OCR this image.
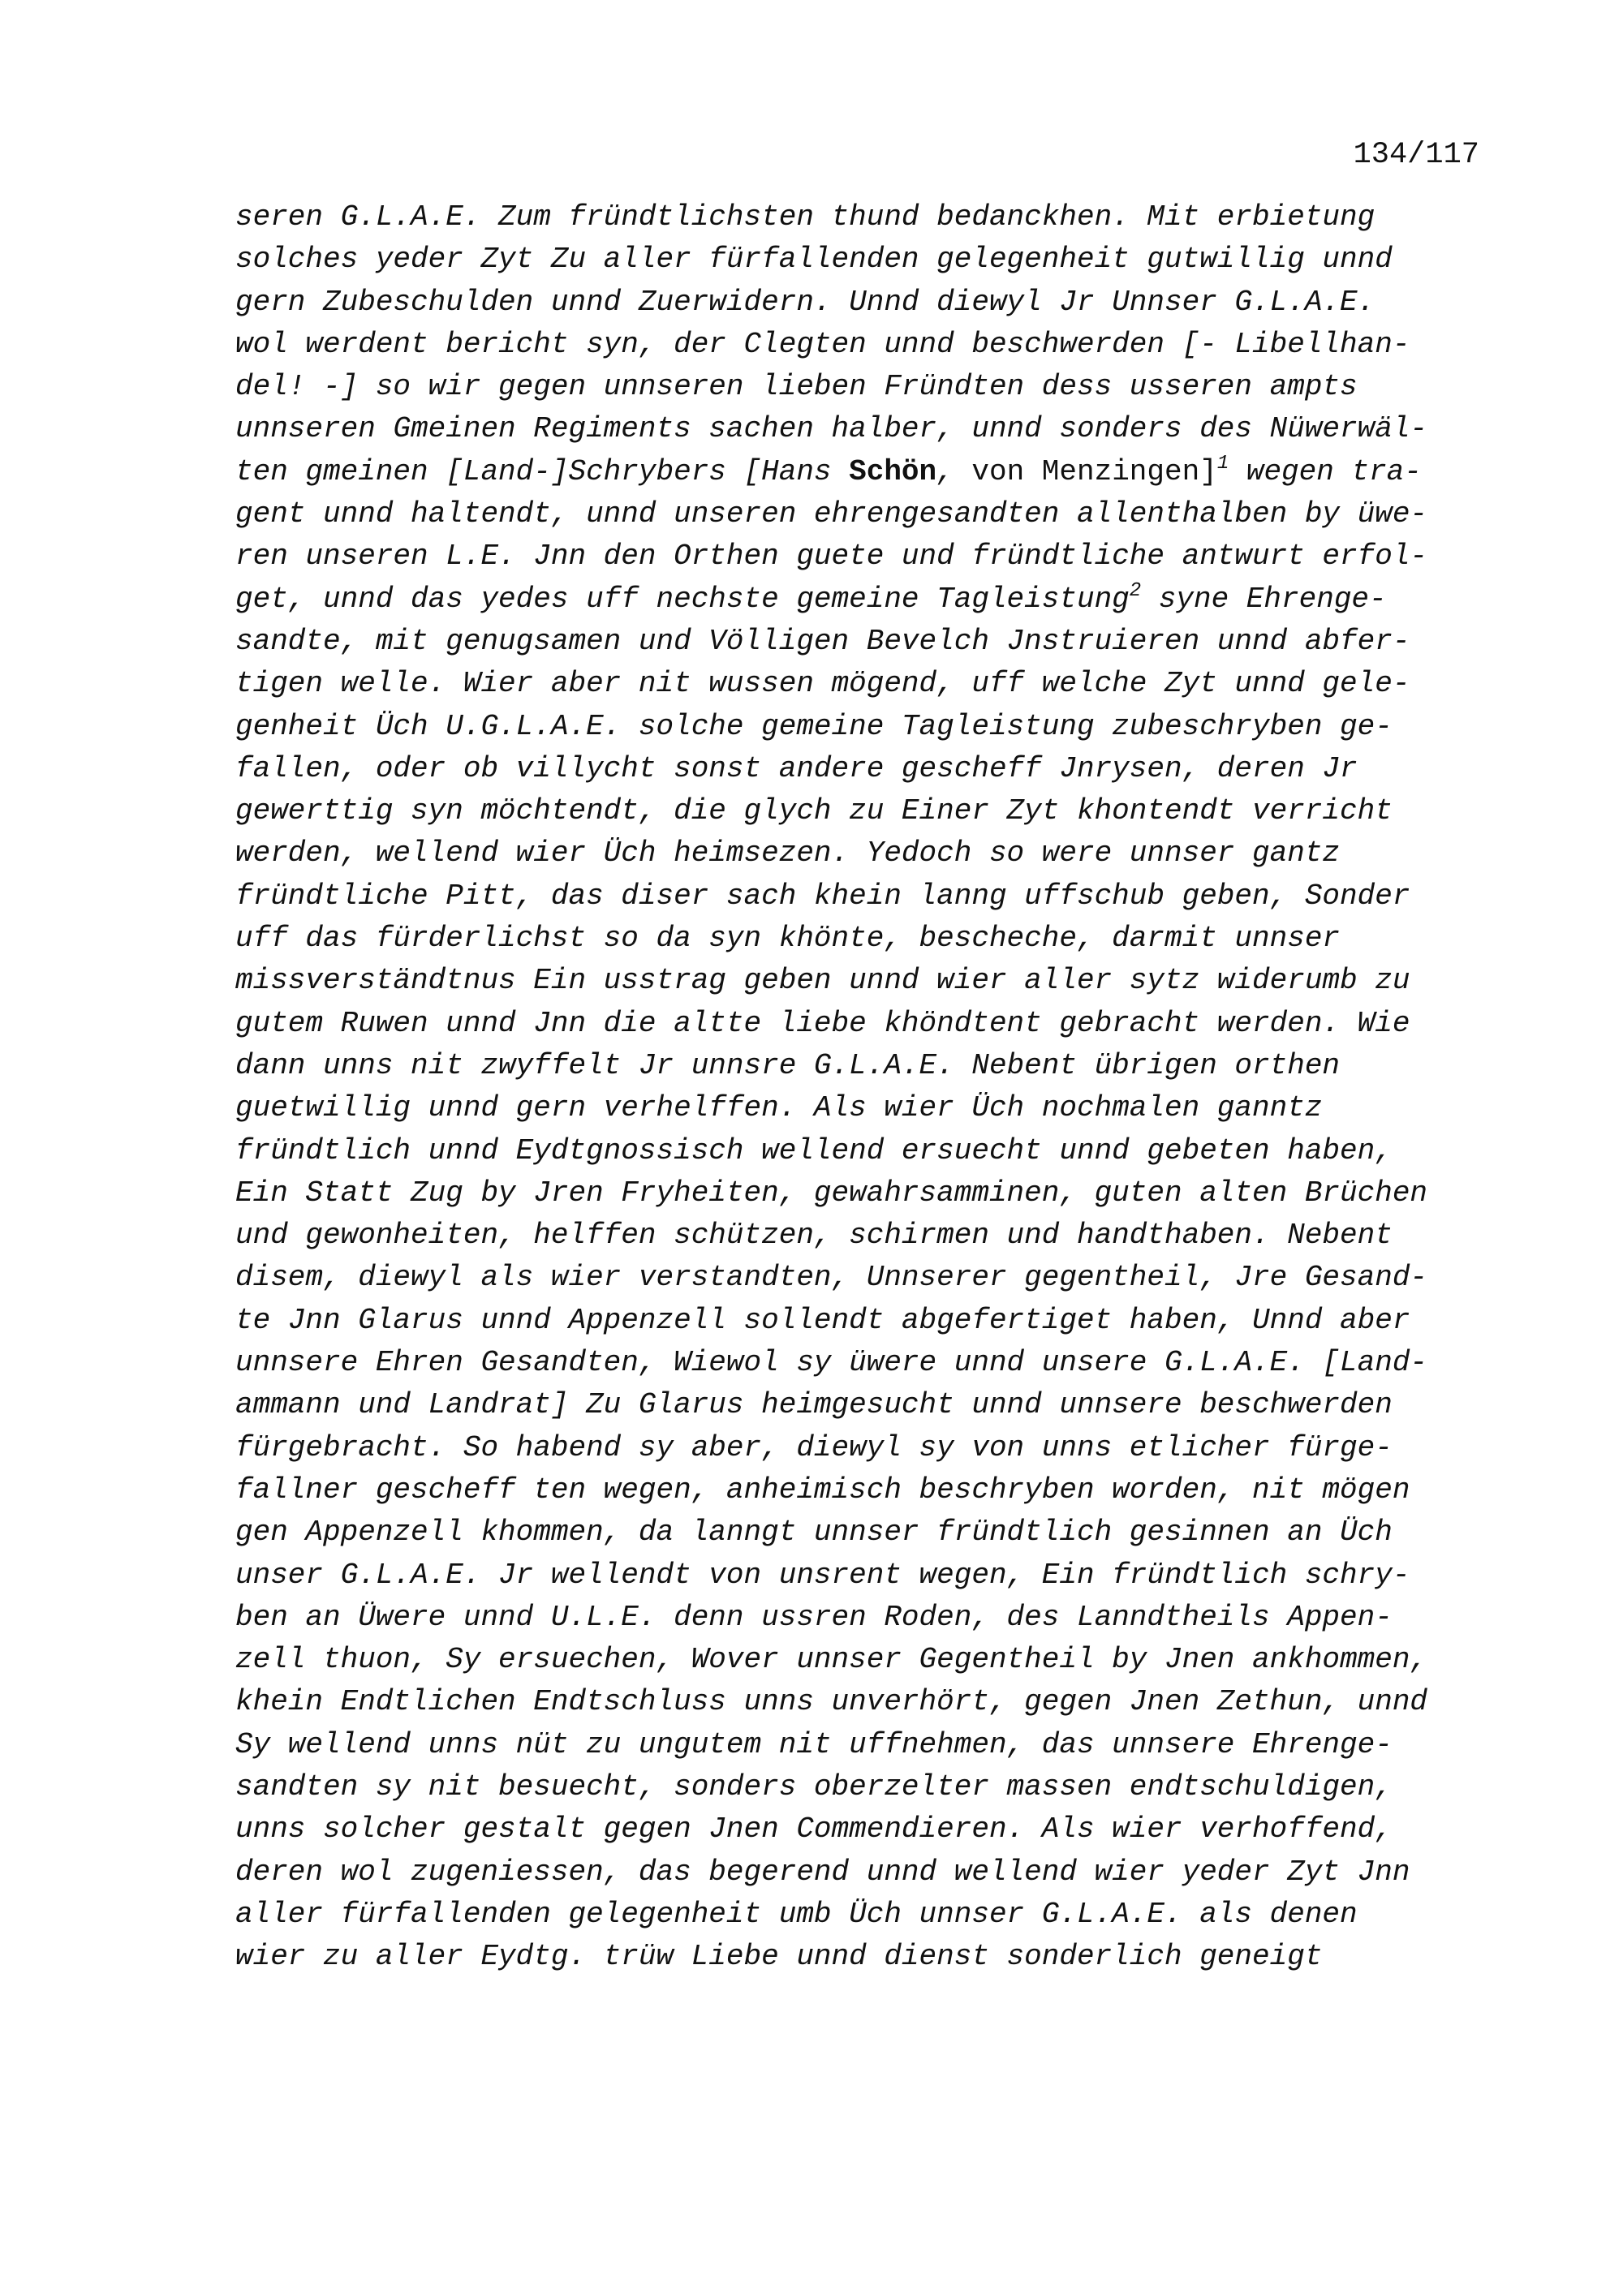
134/117
seren G.L.A.E. Zum fründtlichsten thund bedanckhen. Mit erbietung
solches yeder Zyt Zu aller fürfallenden gelegenheit gutwillig unnd
gern Zubeschulden unnd Zuerwidern. Unnd diewyl Jr Unnser G.L.A.E.
wol werdent bericht syn, der Clegten unnd beschwerden [- Libellhan-
del! -] so wir gegen unnseren lieben Fründten dess usseren ampts
unnseren Gmeinen Regiments sachen halber, unnd sonders des Nüwerwäl-
ten gmeinen [Land-]Schrybers [Hans Schön, von Menzingen]$^1$ wegen tra-
gent unnd haltendt, unnd unseren ehrengesandten allenthalben by üwe-
ren unseren L.E. Jnn den Orthen guete und fründtliche antwurt erfol-
get, unnd das yedes uff nechste gemeine Tagleistung$^2$ syne Ehrenge-
sandte, mit genugsamen und Völligen Bevelch Jnstruieren unnd abfer-
tigen welle. Wier aber nit wussen mögend, uff welche Zyt unnd gele-
genheit Üch U.G.L.A.E. solche gemeine Tagleistung zubeschryben ge-
fallen, oder ob villycht sonst andere gescheff Jnrysen, deren Jr
gewerttig syn möchtendt, die glych zu Einer Zyt khontendt verricht
werden, wellend wier Üch heimsezen. Yedoch so were unnser gantz
fründtliche Pitt, das diser sach khein lanng uffschub geben, Sonder
uff das fürderlichst so da syn khönte, bescheche, darmit unnser
missverständtnus Ein usstrag geben unnd wier aller sytz widerumb zu
gutem Ruwen unnd Jnn die altte liebe khöndtent gebracht werden. Wie
dann unns nit zwyffelt Jr unnsre G.L.A.E. Nebent übrigen orthen
guetwillig unnd gern verhelffen. Als wier Üch nochmalen ganntz
fründtlich unnd Eydtgnossisch wellend ersuecht unnd gebeten haben,
Ein Statt Zug by Jren Fryheiten, gewahrsamminen, guten alten Brüchen
und gewonheiten, helffen schützen, schirmen und handthaben. Nebent
disem, diewyl als wier verstandten, Unnserer gegentheil, Jre Gesand-
te Jnn Glarus unnd Appenzell sollendt abgefertiget haben, Unnd aber
unnsere Ehren Gesandten, Wiewol sy üwere unnd unsere G.L.A.E. [Land-
ammann und Landrat] Zu Glarus heimgesucht unnd unnsere beschwerden
fürgebracht. So habend sy aber, diewyl sy von unns etlicher fürge-
fallner gescheff ten wegen, anheimisch beschryben worden, nit mögen
gen Appenzell khommen, da lanngt unnser fründtlich gesinnen an Üch
unser G.L.A.E. Jr wellendt von unsrent wegen, Ein fründtlich schry-
ben an Üwere unnd U.L.E. denn ussren Roden, des Lanndtheils Appen-
zell thuon, Sy ersuechen, Wover unnser Gegentheil by Jnen ankhommen,
khein Endtlichen Endtschluss unns unverhört, gegen Jnen Zethun, unnd
Sy wellend unns nüt zu ungutem nit uffnehmen, das unnsere Ehrenge-
sandten sy nit besuecht, sonders oberzelter massen endtschuldigen,
unns solcher gestalt gegen Jnen Commendieren. Als wier verhoffend,
deren wol zugeniessen, das begerend unnd wellend wier yeder Zyt Jnn
aller fürfallenden gelegenheit umb Üch unnser G.L.A.E. als denen
wier zu aller Eydtg. trüw Liebe unnd dienst sonderlich geneigt
